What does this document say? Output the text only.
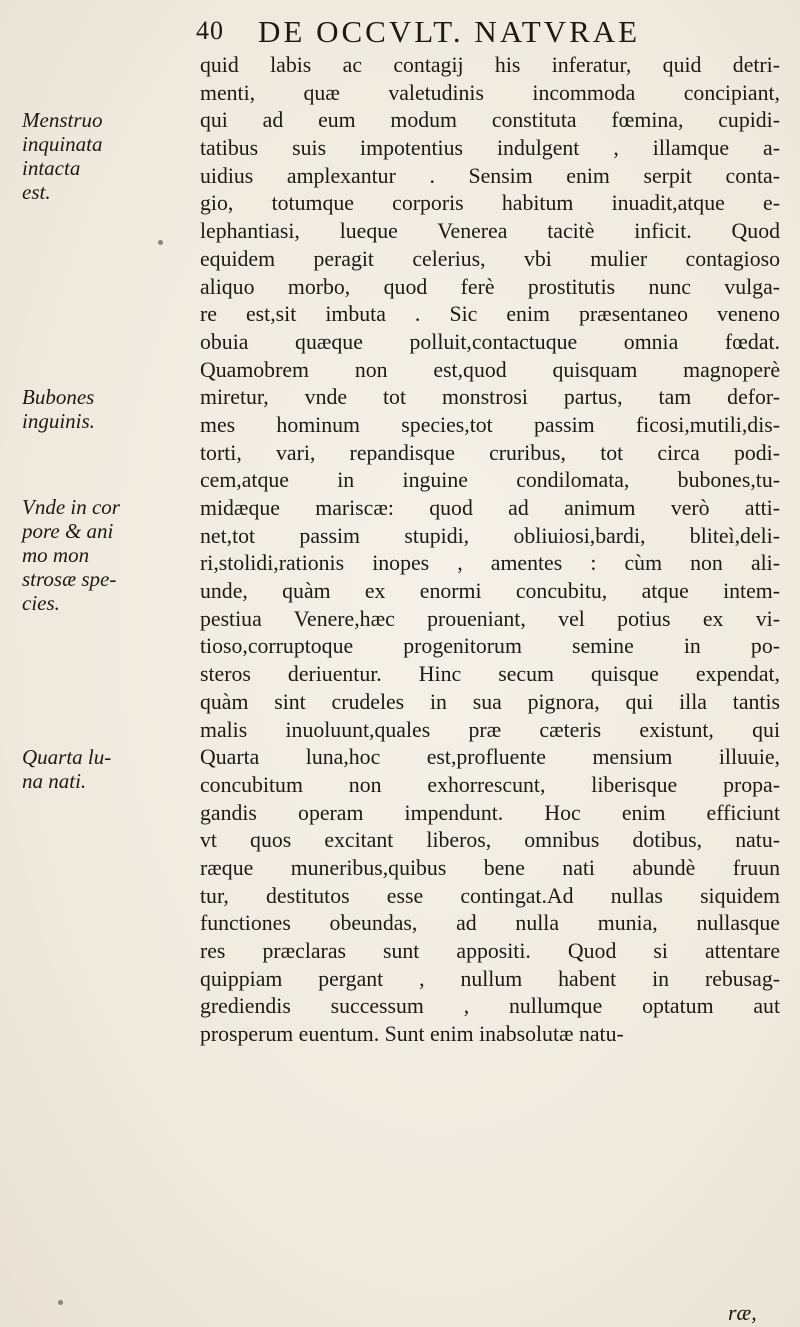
40 DE OCCVLT. NATVRAE
Menstruo
inquinata
intacta
est.
Bubones
inguinis.
Vnde in cor
pore & ani
mo mon
strosæ spe-
cies.
Quarta lu-
na nati.
quid labis ac contagij his inferatur, quid detri-
menti, quæ valetudinis incommoda concipiant,
qui ad eum modum constituta fœmina, cupidi-
tatibus suis impotentius indulgent , illamque a-
uidius amplexantur . Sensim enim serpit conta-
gio, totumque corporis habitum inuadit,atque e-
lephantiasi, lueque Venerea tacitè inficit. Quod
equidem peragit celerius, vbi mulier contagioso
aliquo morbo, quod ferè prostitutis nunc vulga-
re est,sit imbuta . Sic enim præsentaneo veneno
obuia quæque polluit,contactuque omnia fœdat.
Quamobrem non est,quod quisquam magnoperè
miretur, vnde tot monstrosi partus, tam defor-
mes hominum species,tot passim ficosi,mutili,dis-
torti, vari, repandisque cruribus, tot circa podi-
cem,atque in inguine condilomata, bubones,tu-
midæque mariscæ: quod ad animum verò atti-
net,tot passim stupidi, obliuiosi,bardi, bliteì,deli-
ri,stolidi,rationis inopes , amentes : cùm non ali-
unde, quàm ex enormi concubitu, atque intem-
pestiua Venere,hæc proueniant, vel potius ex vi-
tioso,corruptoque progenitorum semine in po-
steros deriuentur. Hinc secum quisque expendat,
quàm sint crudeles in sua pignora, qui illa tantis
malis inuoluunt,quales præ cæteris existunt, qui
Quarta luna,hoc est,profluente mensium illuuie,
concubitum non exhorrescunt, liberisque propa-
gandis operam impendunt. Hoc enim efficiunt
vt quos excitant liberos, omnibus dotibus, natu-
ræque muneribus,quibus bene nati abundè fruun
tur, destitutos esse contingat.Ad nullas siquidem
functiones obeundas, ad nulla munia, nullasque
res præclaras sunt appositi. Quod si attentare
quippiam pergant , nullum habent in rebusag-
grediendis successum , nullumque optatum aut
prosperum euentum. Sunt enim inabsolutæ natu-
ræ,
